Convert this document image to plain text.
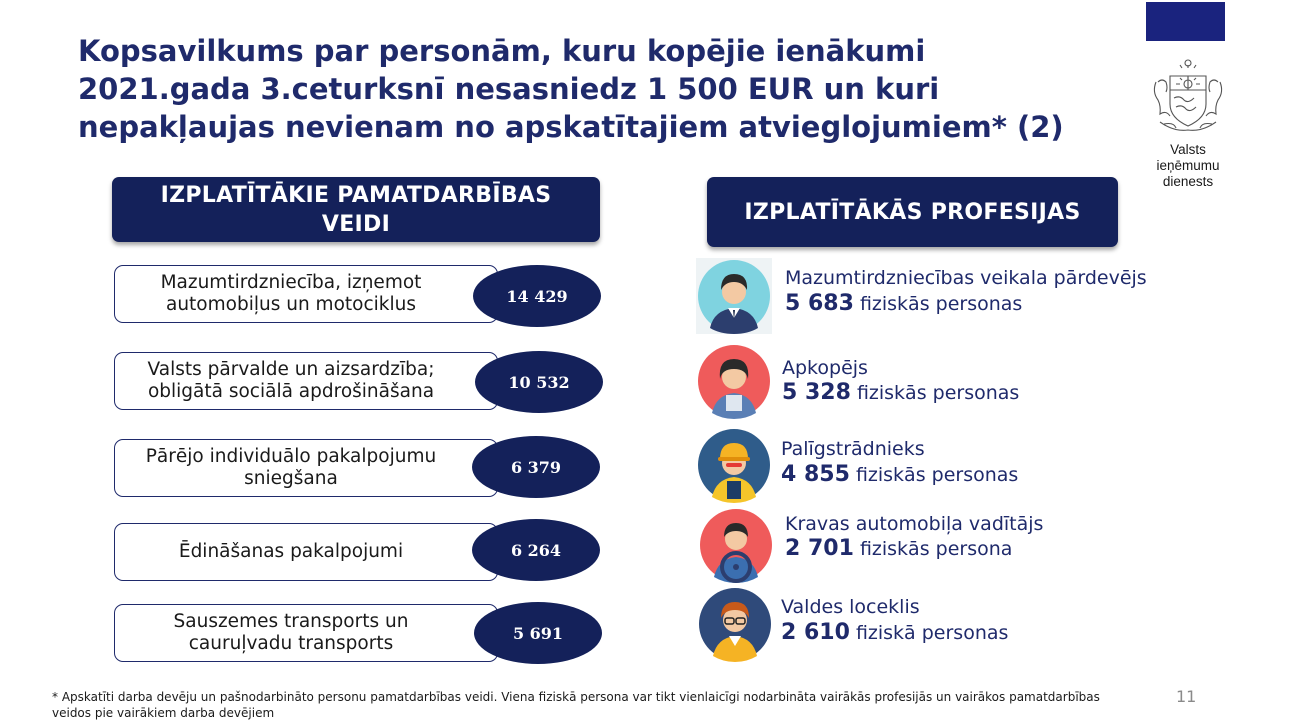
Kopsavilkums par personām, kuru kopējie ienākumi
2021.gada 3.ceturksnī nesasniedz 1 500 EUR un kuri
nepakļaujas nevienam no apskatītajiem atvieglojumiem* (2)
Valsts ieņēmumu
dienests
IZPLATĪTĀKIE PAMATDARBĪBAS VEIDI
Mazumtirdzniecība, izņemot automobiļus un motociklus	14 429
Valsts pārvalde un aizsardzība; obligātā sociālā apdrošināšana	10 532
Pārējo individuālo pakalpojumu sniegšana
6 379
Ēdināšanas pakalpojumi	6 264
Sauszemes transports un cauruļvadu transports	5 691
IZPLATĪTĀKĀS PROFESIJAS
Mazumtirdzniecības veikala pārdevējs
5 683 fiziskās personas
Apkopējs
5 328 fiziskās personas
Palīgstrādnieks
4 855 fiziskās personas
Kravas automobiļa vadītājs
2 701 fiziskās persona
Valdes loceklis
2 610 fiziskā personas
* Apskatīti darba devēju un pašnodarbināto personu pamatdarbības veidi. Viena fiziskā persona var tikt vienlaicīgi nodarbināta vairākās profesijās un vairākos pamatdarbības veidos pie vairākiem darba devējiem
11
